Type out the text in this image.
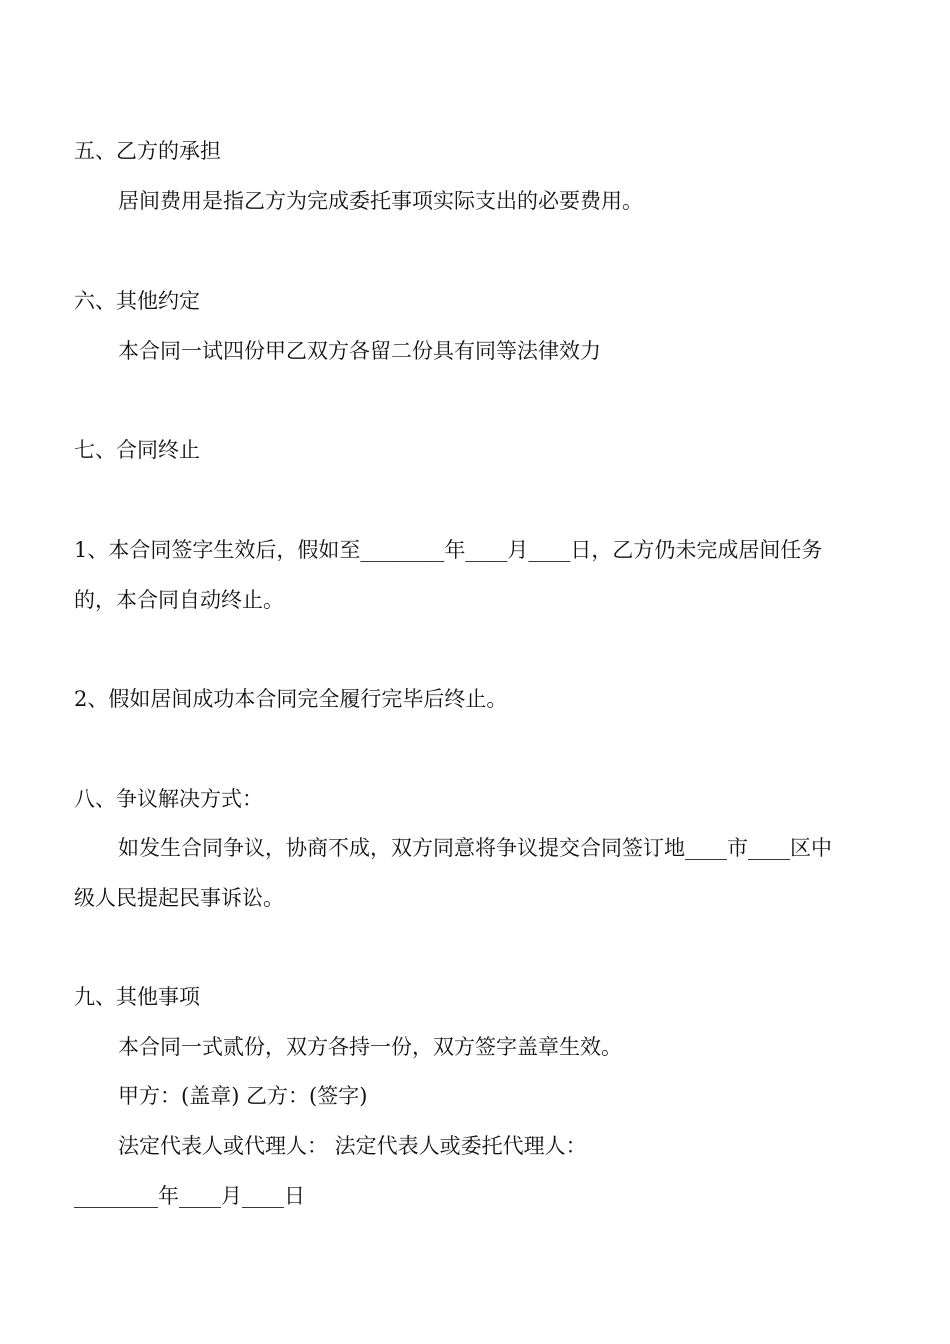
五、乙方的承担
居间费用是指乙方为完成委托事项实际支出的必要费用。
六、其他约定
本合同一试四份甲乙双方各留二份具有同等法律效力
七、合同终止
1、本合同签字生效后，假如至________年____月____日，乙方仍未完成居间任务
的，本合同自动终止。
2、假如居间成功本合同完全履行完毕后终止。
八、争议解决方式：
如发生合同争议，协商不成，双方同意将争议提交合同签订地____市____区中
级人民提起民事诉讼。
九、其他事项
本合同一式贰份，双方各持一份，双方签字盖章生效。
甲方：(盖章) 乙方：(签字)
法定代表人或代理人： 法定代表人或委托代理人：
________年____月____日
